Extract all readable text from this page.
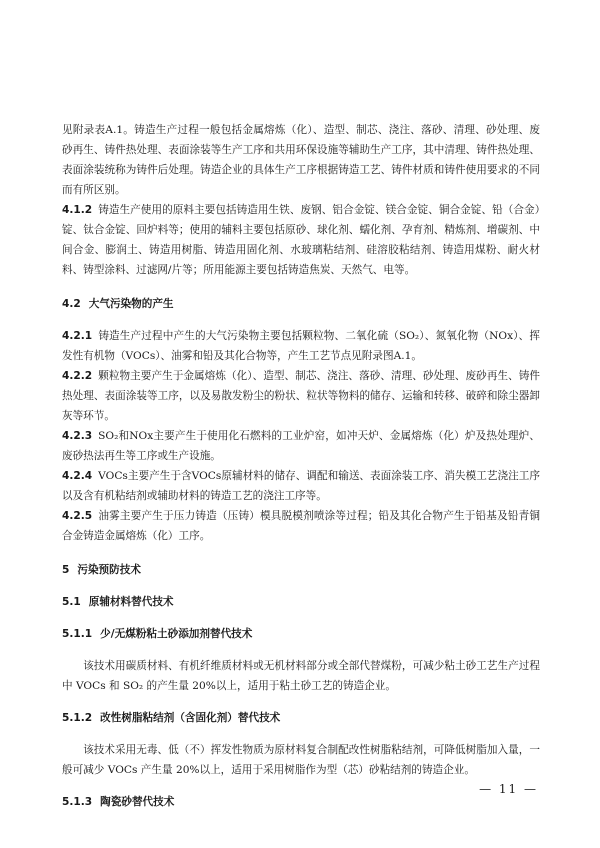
见附录表A.1。铸造生产过程一般包括金属熔炼（化）、造型、制芯、浇注、落砂、清理、砂处理、废砂再生、铸件热处理、表面涂装等生产工序和共用环保设施等辅助生产工序，其中清理、铸件热处理、表面涂装统称为铸件后处理。铸造企业的具体生产工序根据铸造工艺、铸件材质和铸件使用要求的不同而有所区别。

4.1.2 铸造生产使用的原料主要包括铸造用生铁、废钢、铝合金锭、镁合金锭、铜合金锭、铅（合金）锭、钛合金锭、回炉料等；使用的辅料主要包括原砂、球化剂、蠕化剂、孕育剂、精炼剂、增碳剂、中间合金、膨润土、铸造用树脂、铸造用固化剂、水玻璃粘结剂、硅溶胶粘结剂、铸造用煤粉、耐火材料、铸型涂料、过滤网/片等；所用能源主要包括铸造焦炭、天然气、电等。

4.2 大气污染物的产生

4.2.1 铸造生产过程中产生的大气污染物主要包括颗粒物、二氧化硫（SO₂）、氮氧化物（NOx）、挥发性有机物（VOCs）、油雾和铅及其化合物等，产生工艺节点见附录图A.1。

4.2.2 颗粒物主要产生于金属熔炼（化）、造型、制芯、浇注、落砂、清理、砂处理、废砂再生、铸件热处理、表面涂装等工序，以及易散发粉尘的粉状、粒状等物料的储存、运输和转移、破碎和除尘器卸灰等环节。

4.2.3 SO₂和NOx主要产生于使用化石燃料的工业炉窑，如冲天炉、金属熔炼（化）炉及热处理炉、废砂热法再生等工序或生产设施。

4.2.4 VOCs主要产生于含VOCs原辅材料的储存、调配和输送、表面涂装工序、消失模工艺浇注工序以及含有机粘结剂或辅助材料的铸造工艺的浇注工序等。

4.2.5 油雾主要产生于压力铸造（压铸）模具脱模剂喷涂等过程；铅及其化合物产生于铅基及铅青铜合金铸造金属熔炼（化）工序。

5 污染预防技术
5.1 原辅材料替代技术
5.1.1 少/无煤粉粘土砂添加剂替代技术

该技术用碳质材料、有机纤维质材料或无机材料部分或全部代替煤粉，可减少粘土砂工艺生产过程中 VOCs 和 SO₂ 的产生量 20%以上，适用于粘土砂工艺的铸造企业。

5.1.2 改性树脂粘结剂（含固化剂）替代技术

该技术采用无毒、低（不）挥发性物质为原材料复合制配改性树脂粘结剂，可降低树脂加入量，一般可减少 VOCs 产生量 20%以上，适用于采用树脂作为型（芯）砂粘结剂的铸造企业。

5.1.3 陶瓷砂替代技术
— 11 —
